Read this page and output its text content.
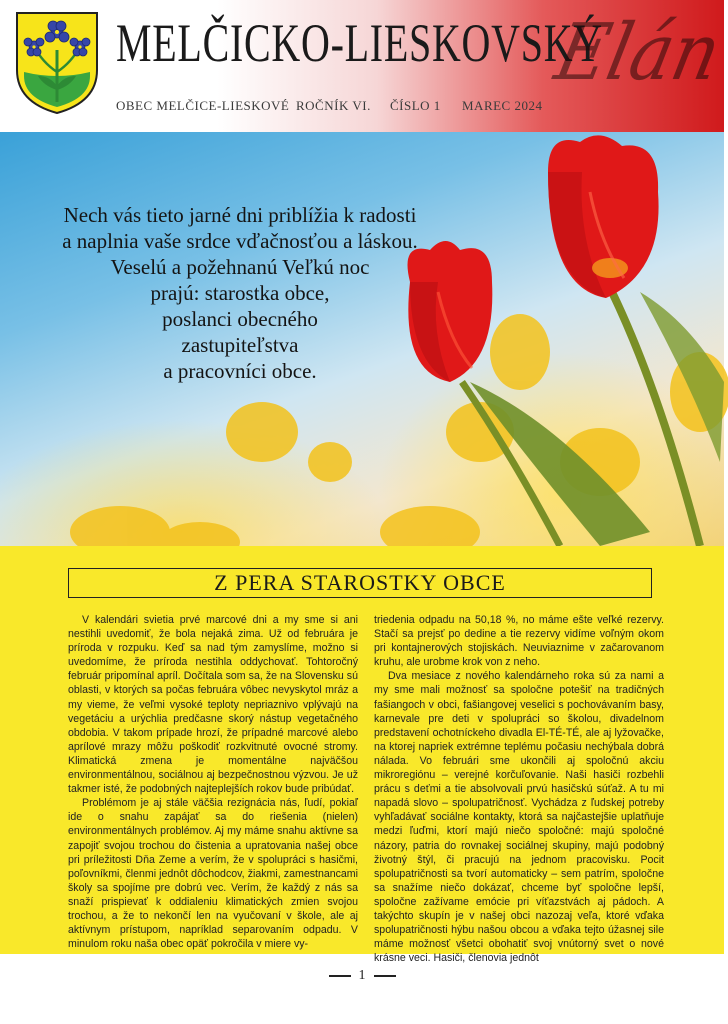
MELČICKO-LIESKOVSKÝ
Elán
OBEC MELČICE-LIESKOVÉ ROČNÍK VI. ČÍSLO 1 MAREC 2024
Nech vás tieto jarné dni priblížia k radosti
a naplnia vaše srdce vďačnosťou a láskou.
Veselú a požehnanú Veľkú noc
prajú: starostka obce,
poslanci obecného
zastupiteľstva
a pracovníci obce.
Z PERA STAROSTKY OBCE

V kalendári svietia prvé marcové dni a my sme si ani nestihli uvedomiť, že bola nejaká zima. Už od februára je príroda v rozpuku. Keď sa nad tým zamyslíme, možno si uvedomíme, že príroda nestihla oddychovať. Tohtoročný február pripomínal apríl. Dočítala som sa, že na Slovensku sú oblasti, v ktorých sa počas februára vôbec nevyskytol mráz a my vieme, že veľmi vysoké teploty nepriaznivo vplývajú na vegetáciu a urýchlia predčasne skorý nástup vegetačného obdobia. V takom prípade hrozí, že prípadné marcové alebo aprílové mrazy môžu poškodiť rozkvitnuté ovocné stromy. Klimatická zmena je momentálne najväčšou environmentálnou, sociálnou aj bezpečnostnou výzvou. Je už takmer isté, že podobných najteplejších rokov bude pribúdať.

Problémom je aj stále väčšia rezignácia nás, ľudí, pokiaľ ide o snahu zapájať sa do riešenia (nielen) environmentálnych problémov. Aj my máme snahu aktívne sa zapojiť svojou trochou do čistenia a upratovania našej obce pri príležitosti Dňa Zeme a verím, že v spolupráci s hasičmi, poľovníkmi, členmi jednôt dôchodcov, žiakmi, zamestnancami školy sa spojíme pre dobrú vec. Verím, že každý z nás sa snaží prispievať k oddialeniu klimatických zmien svojou trochou, a že to nekončí len na vyučovaní v škole, ale aj aktívnym prístupom, napríklad separovaním odpadu. V minulom roku naša obec opäť pokročila v miere vy-

triedenia odpadu na 50,18 %, no máme ešte veľké rezervy. Stačí sa prejsť po dedine a tie rezervy vidíme voľným okom pri kontajnerových stojiskách. Neuviaznime v začarovanom kruhu, ale urobme krok von z neho.

Dva mesiace z nového kalendárneho roka sú za nami a my sme mali možnosť sa spoločne potešiť na tradičných fašiangoch v obci, fašiangovej veselici s pochovávaním basy, karnevale pre deti v spolupráci so školou, divadelnom predstavení ochotníckeho divadla El-TÉ-TÉ, ale aj lyžovačke, na ktorej napriek extrémne teplému počasiu nechýbala dobrá nálada. Vo februári sme ukončili aj spoločnú akciu mikroregiónu – verejné korčuľovanie. Naši hasiči rozbehli prácu s deťmi a tie absolvovali prvú hasičskú súťaž. A tu mi napadá slovo – spolupatričnosť. Vychádza z ľudskej potreby vyhľadávať sociálne kontakty, ktorá sa najčastejšie uplatňuje medzi ľuďmi, ktorí majú niečo spoločné: majú spoločné názory, patria do rovnakej sociálnej skupiny, majú podobný životný štýl, či pracujú na jednom pracovisku. Pocit spolupatričnosti sa tvorí automaticky – sem patrím, spoločne sa snažíme niečo dokázať, chceme byť spoločne lepší, spoločne zažívame emócie pri víťazstvách aj pádoch. A takýchto skupín je v našej obci nazozaj veľa, ktoré vďaka spolupatričnosti hýbu našou obcou a vďaka tejto úžasnej sile máme možnosť všetci obohatiť svoj vnútorný svet o nové krásne veci. Hasiči, členovia jednôt

1
